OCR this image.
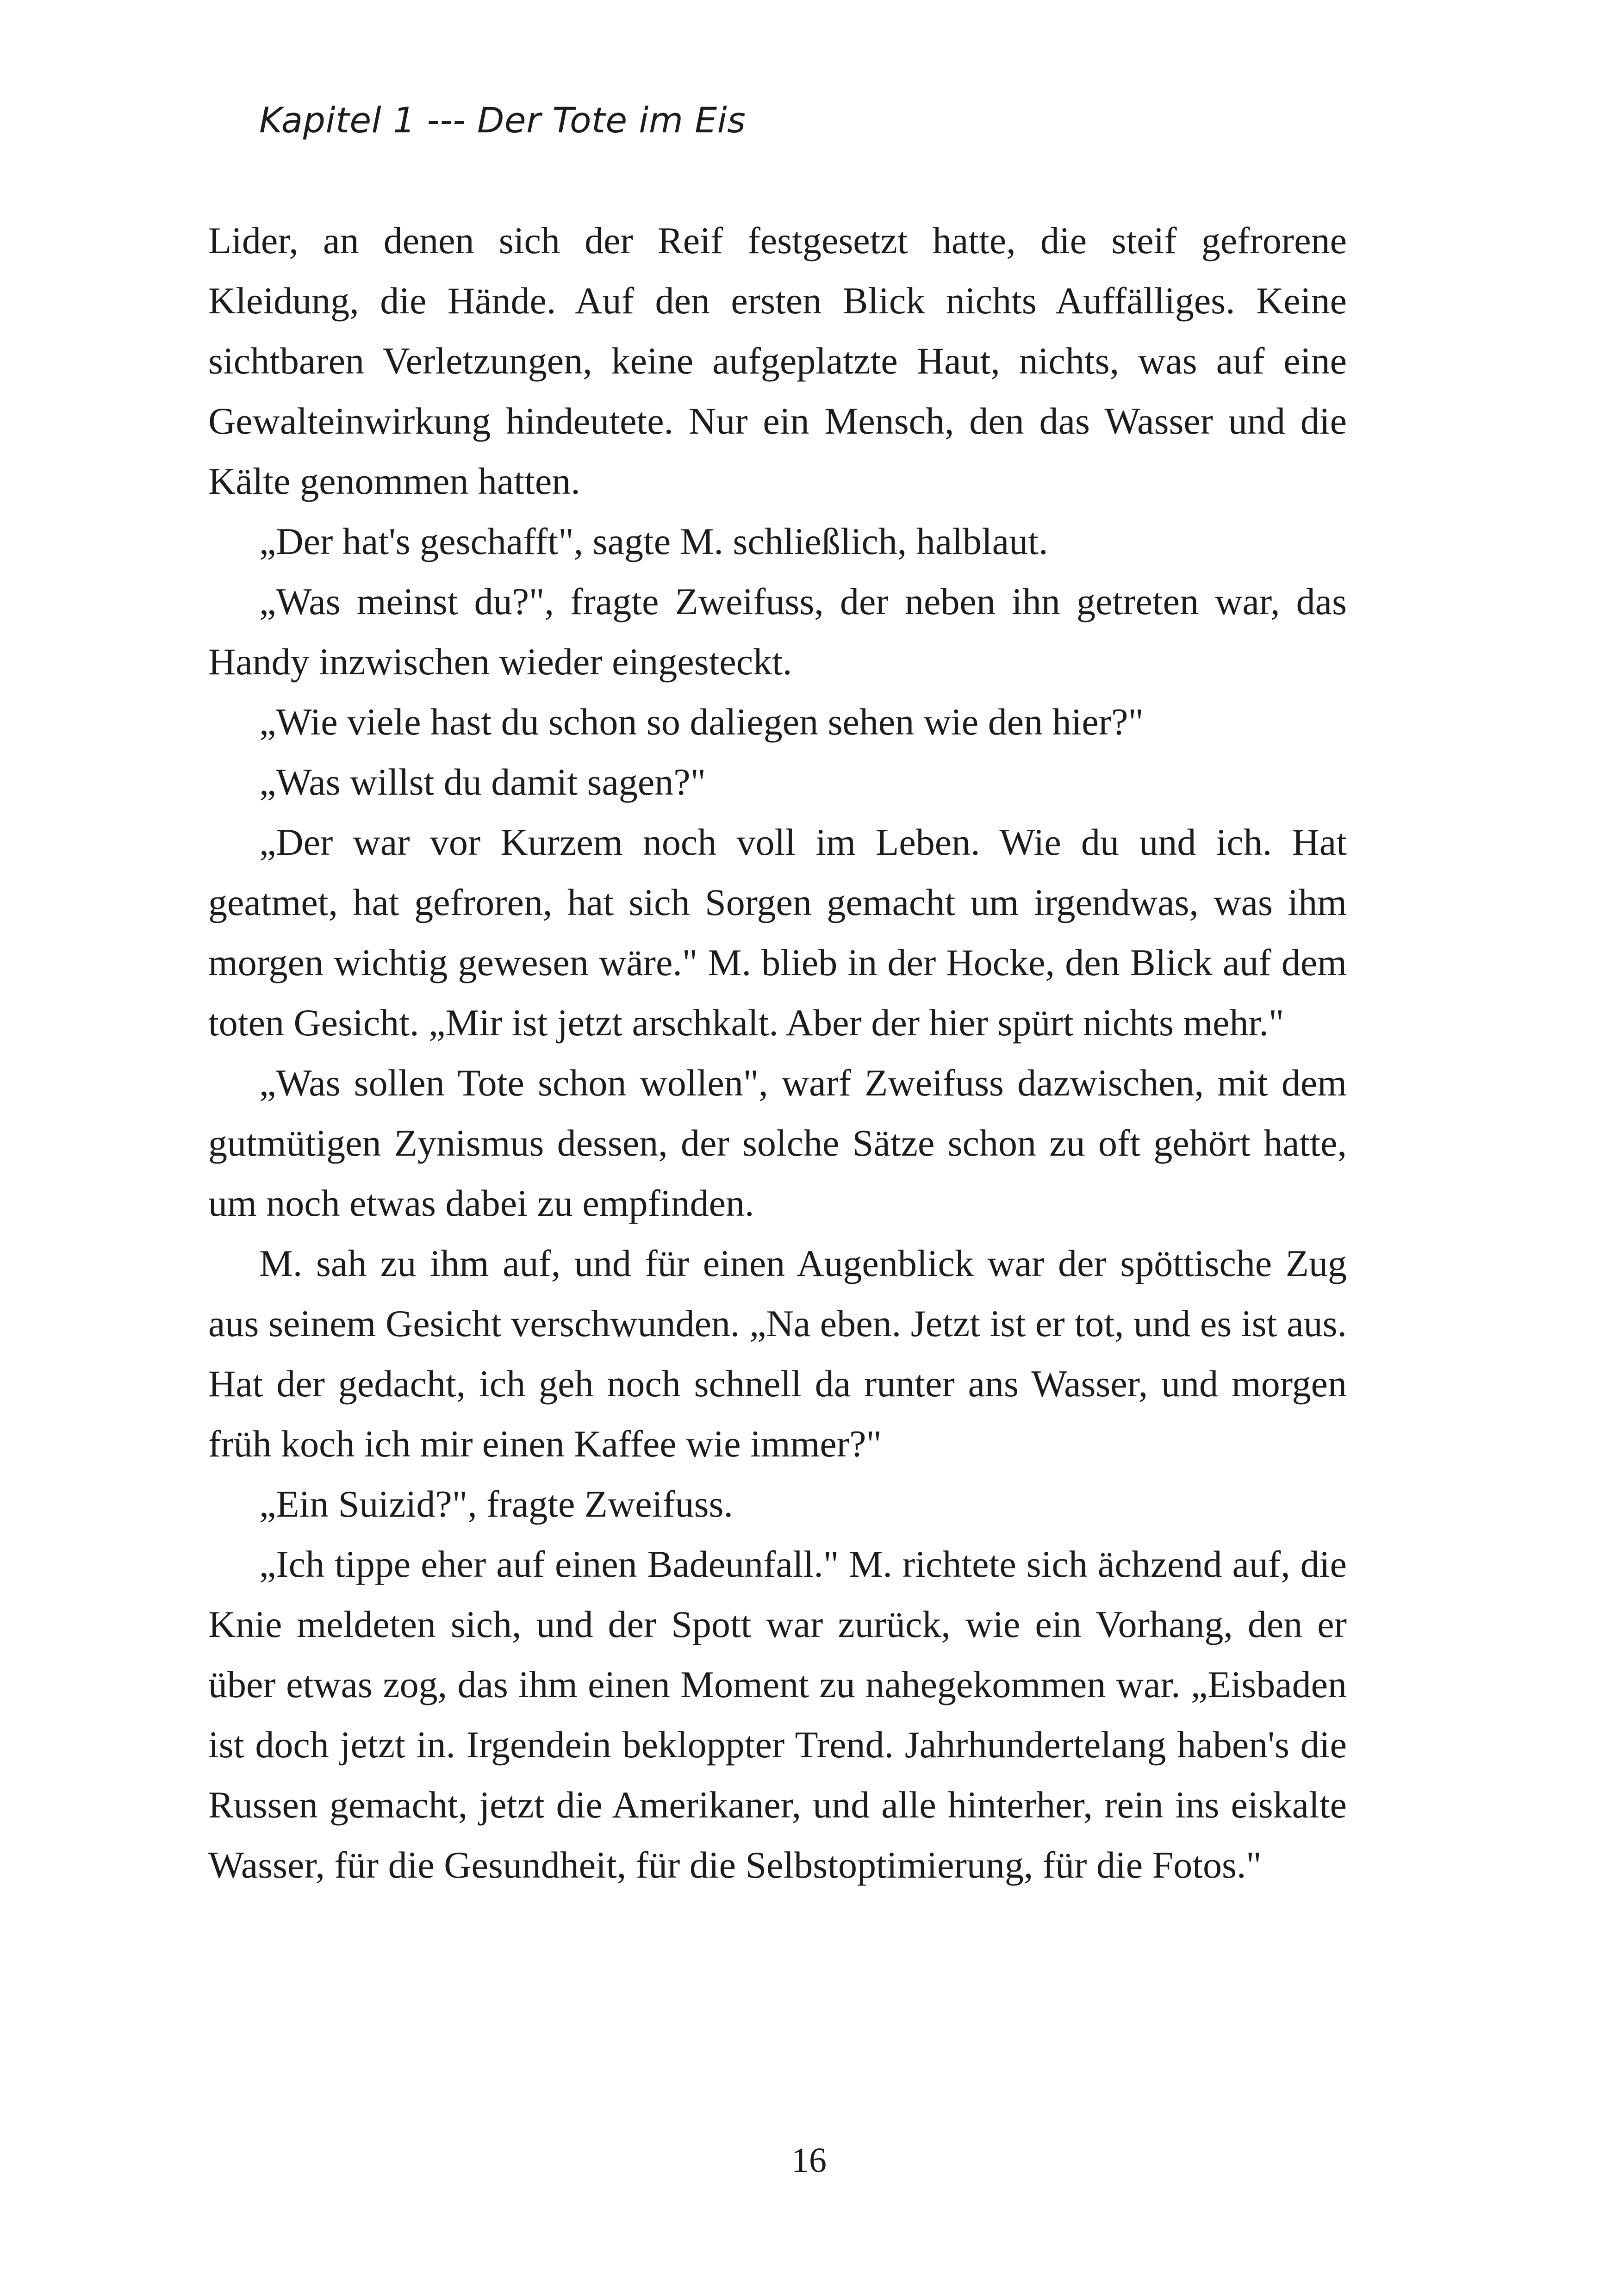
Kapitel 1 --- Der Tote im Eis

Lider, an denen sich der Reif festgesetzt hatte, die steif gefrorene Kleidung, die Hände. Auf den ersten Blick nichts Auffälliges. Keine sichtbaren Verletzungen, keine aufgeplatzte Haut, nichts, was auf eine Gewalteinwirkung hindeutete. Nur ein Mensch, den das Wasser und die Kälte genommen hatten.

„Der hat's geschafft", sagte M. schließlich, halblaut.

„Was meinst du?", fragte Zweifuss, der neben ihn getreten war, das Handy inzwischen wieder eingesteckt.

„Wie viele hast du schon so daliegen sehen wie den hier?"

„Was willst du damit sagen?"

„Der war vor Kurzem noch voll im Leben. Wie du und ich. Hat geatmet, hat gefroren, hat sich Sorgen gemacht um irgendwas, was ihm morgen wichtig gewesen wäre." M. blieb in der Hocke, den Blick auf dem toten Gesicht. „Mir ist jetzt arschkalt. Aber der hier spürt nichts mehr."

„Was sollen Tote schon wollen", warf Zweifuss dazwischen, mit dem gutmütigen Zynismus dessen, der solche Sätze schon zu oft gehört hatte, um noch etwas dabei zu empfinden.

M. sah zu ihm auf, und für einen Augenblick war der spöttische Zug aus seinem Gesicht verschwunden. „Na eben. Jetzt ist er tot, und es ist aus. Hat der gedacht, ich geh noch schnell da runter ans Wasser, und morgen früh koch ich mir einen Kaffee wie immer?"

„Ein Suizid?", fragte Zweifuss.

„Ich tippe eher auf einen Badeunfall." M. richtete sich ächzend auf, die Knie meldeten sich, und der Spott war zurück, wie ein Vorhang, den er über etwas zog, das ihm einen Moment zu nahegekommen war. „Eisbaden ist doch jetzt in. Irgendein bekloppter Trend. Jahrhundertelang haben's die Russen gemacht, jetzt die Amerikaner, und alle hinterher, rein ins eiskalte Wasser, für die Gesundheit, für die Selbstoptimierung, für die Fotos."

16
